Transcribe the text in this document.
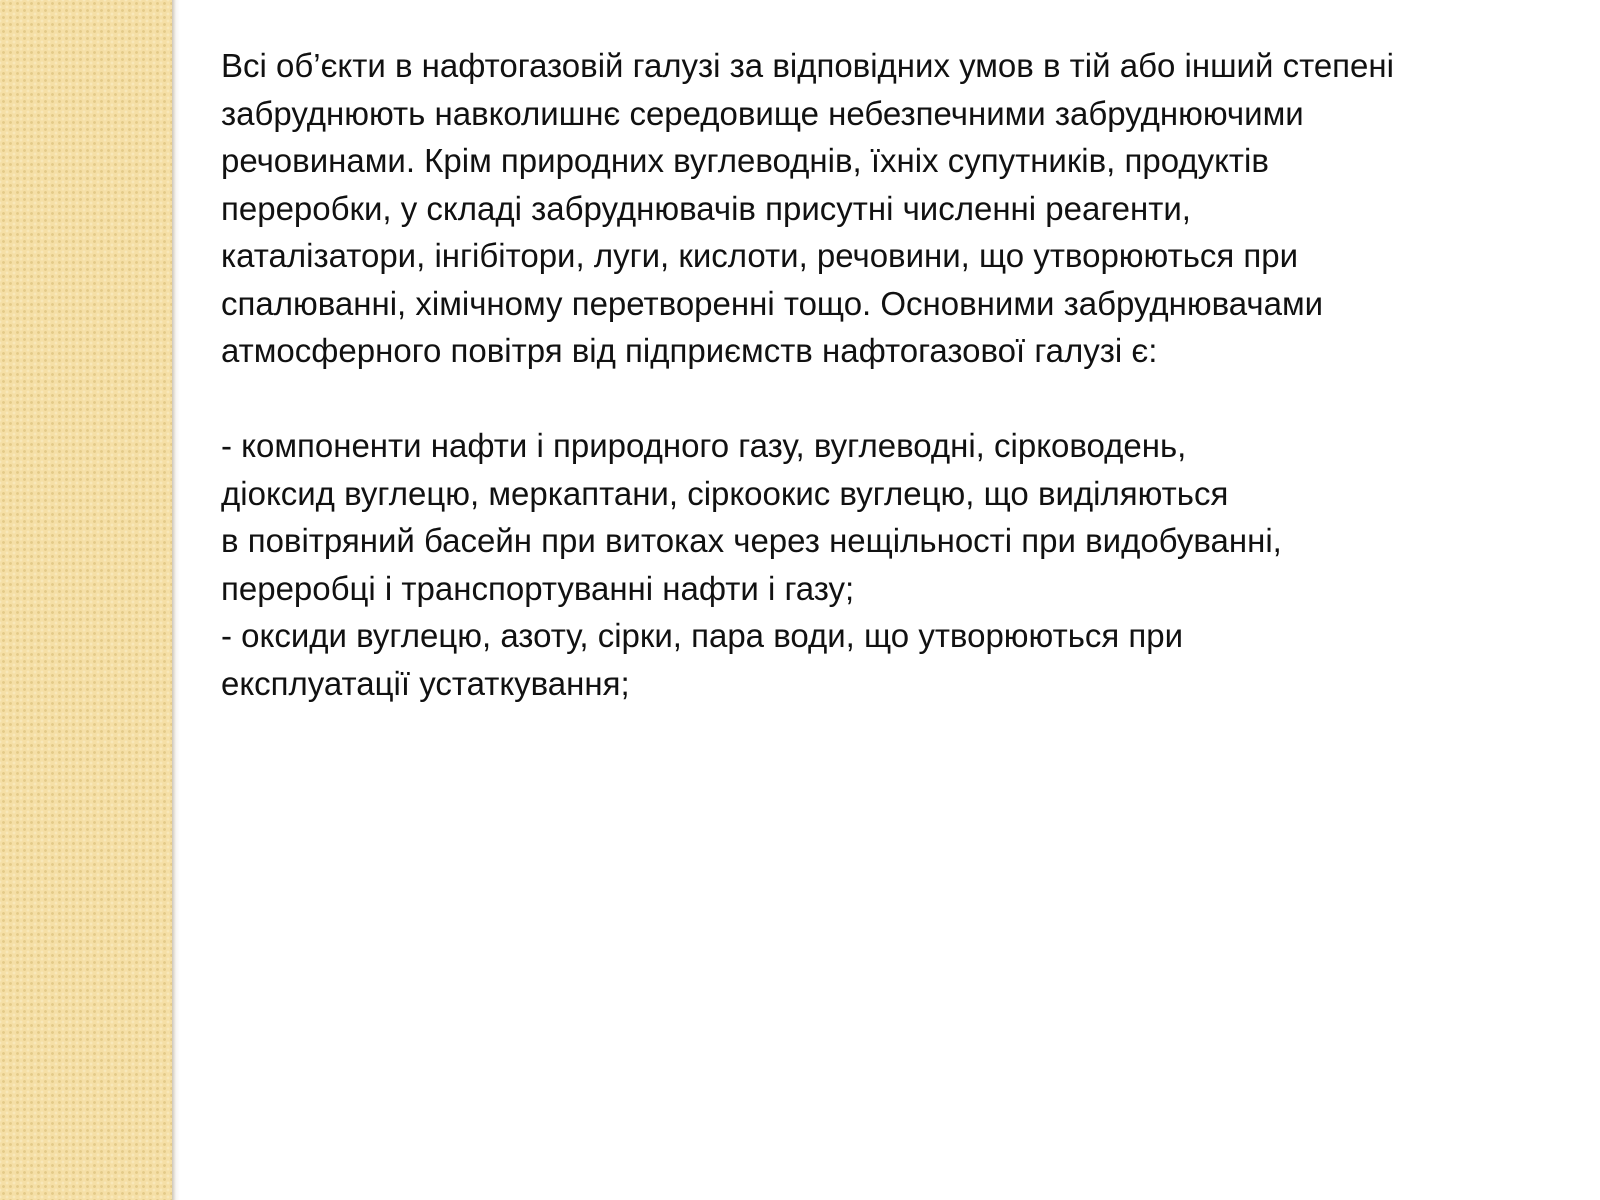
Всі об’єкти в нафтогазовій галузі за відповідних умов в тій або інший степені

забруднюють навколишнє середовище небезпечними забруднюючими

речовинами. Крім природних вуглеводнів, їхніх супутників, продуктів

переробки, у складі забруднювачів присутні численні реагенти,

каталізатори, інгібітори, луги, кислоти, речовини, що утворюються при

спалюванні, хімічному перетворенні тощо. Основними забруднювачами

атмосферного повітря від підприємств нафтогазової галузі є:

- компоненти нафти і природного газу, вуглеводні, сірководень,

діоксид вуглецю, меркаптани, сіркоокис вуглецю, що виділяються

в повітряний басейн при витоках через нещільності при видобуванні,

переробці і транспортуванні нафти і газу;

- оксиди вуглецю, азоту, сірки, пара води, що утворюються при

експлуатації устаткування;
